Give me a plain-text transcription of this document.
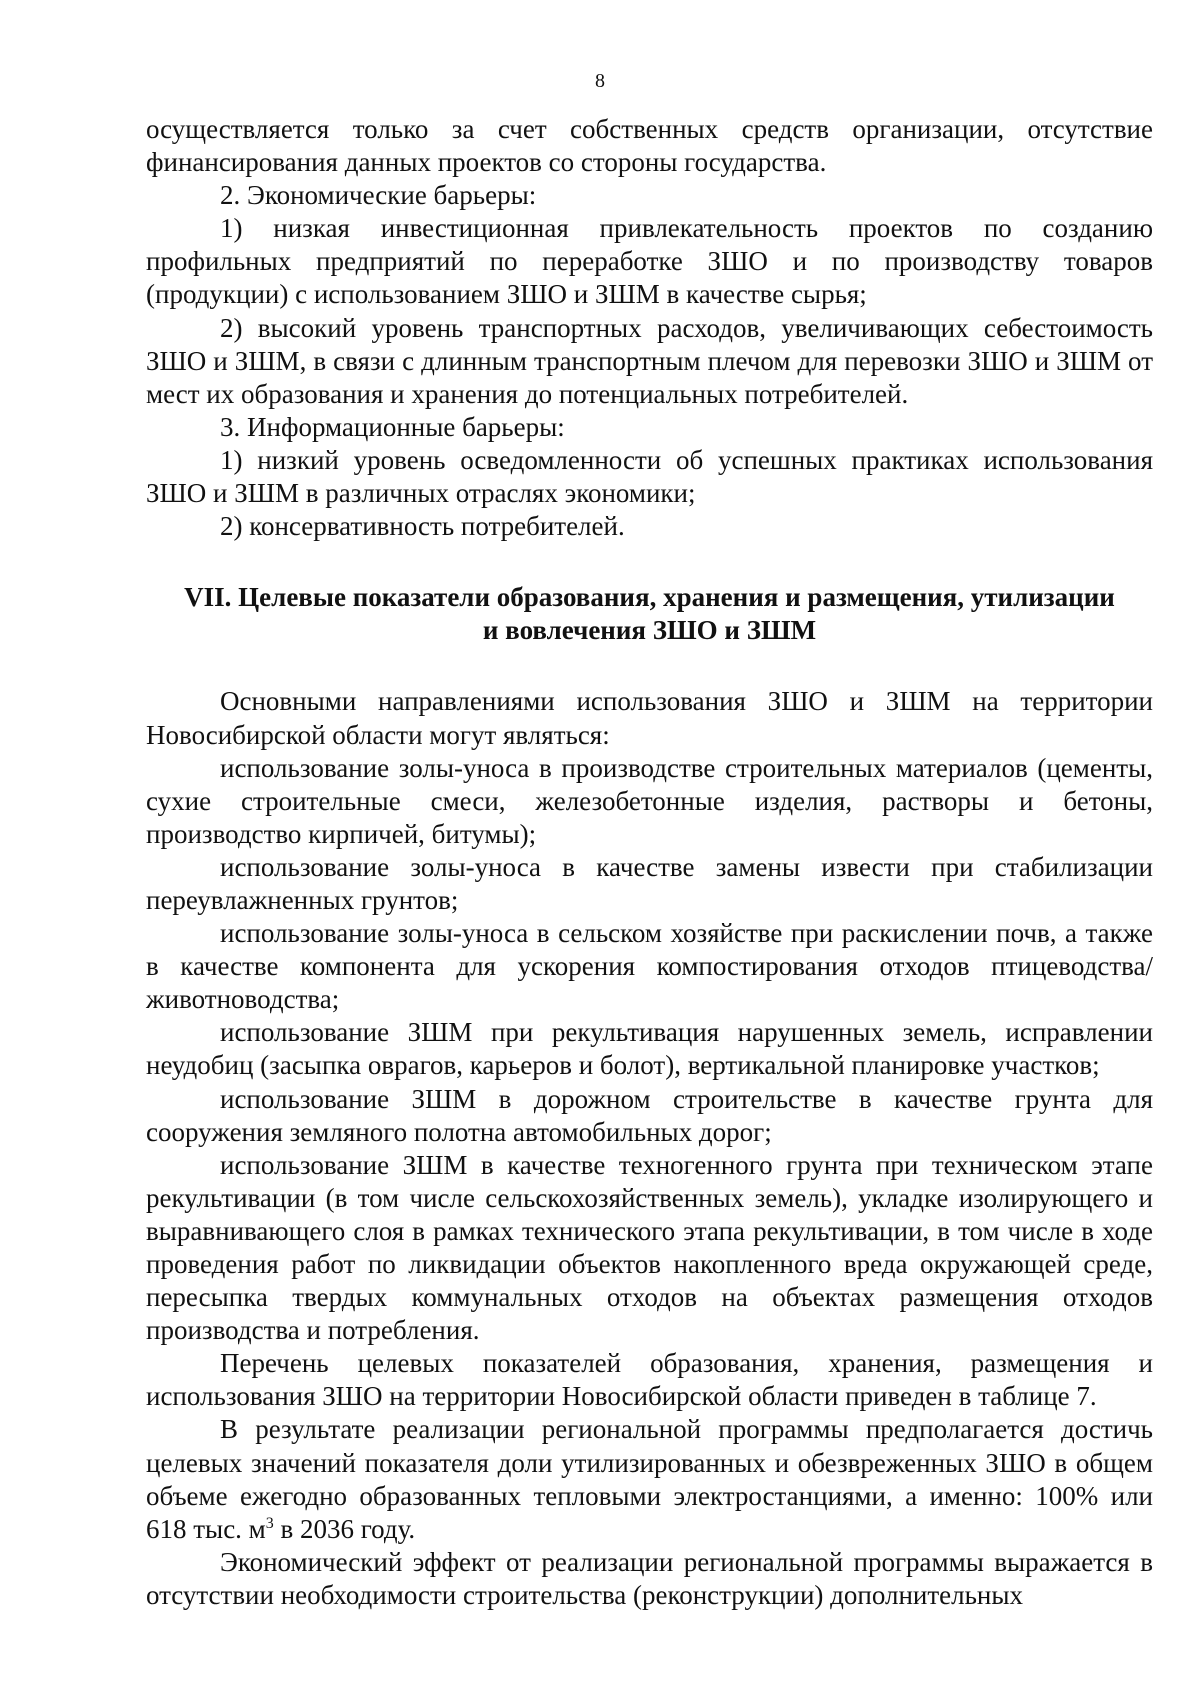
8

осуществляется только за счет собственных средств организации, отсутствие финансирования данных проектов со стороны государства.

2. Экономические барьеры:

1) низкая инвестиционная привлекательность проектов по созданию профильных предприятий по переработке ЗШО и по производству товаров (продукции) с использованием ЗШО и ЗШМ в качестве сырья;

2) высокий уровень транспортных расходов, увеличивающих себестоимость ЗШО и ЗШМ, в связи с длинным транспортным плечом для перевозки ЗШО и ЗШМ от мест их образования и хранения до потенциальных потребителей.

3. Информационные барьеры:

1) низкий уровень осведомленности об успешных практиках использования ЗШО и ЗШМ в различных отраслях экономики;

2) консервативность потребителей.

VII. Целевые показатели образования, хранения и размещения, утилизации
и вовлечения ЗШО и ЗШМ

Основными направлениями использования ЗШО и ЗШМ на территории Новосибирской области могут являться:

использование золы-уноса в производстве строительных материалов (цементы, сухие строительные смеси, железобетонные изделия, растворы и бетоны, производство кирпичей, битумы);

использование золы-уноса в качестве замены извести при стабилизации переувлажненных грунтов;

использование золы-уноса в сельском хозяйстве при раскислении почв, а также в качестве компонента для ускорения компостирования отходов птицеводства/животноводства;

использование ЗШМ при рекультивация нарушенных земель, исправлении неудобиц (засыпка оврагов, карьеров и болот), вертикальной планировке участков;

использование ЗШМ в дорожном строительстве в качестве грунта для сооружения земляного полотна автомобильных дорог;

использование ЗШМ в качестве техногенного грунта при техническом этапе рекультивации (в том числе сельскохозяйственных земель), укладке изолирующего и выравнивающего слоя в рамках технического этапа рекультивации, в том числе в ходе проведения работ по ликвидации объектов накопленного вреда окружающей среде, пересыпка твердых коммунальных отходов на объектах размещения отходов производства и потребления.

Перечень целевых показателей образования, хранения, размещения и использования ЗШО на территории Новосибирской области приведен в таблице 7.

В результате реализации региональной программы предполагается достичь целевых значений показателя доли утилизированных и обезвреженных ЗШО в общем объеме ежегодно образованных тепловыми электростанциями, а именно: 100% или 618 тыс. $м^3$ в 2036 году.

Экономический эффект от реализации региональной программы выражается в отсутствии необходимости строительства (реконструкции) дополнительных
